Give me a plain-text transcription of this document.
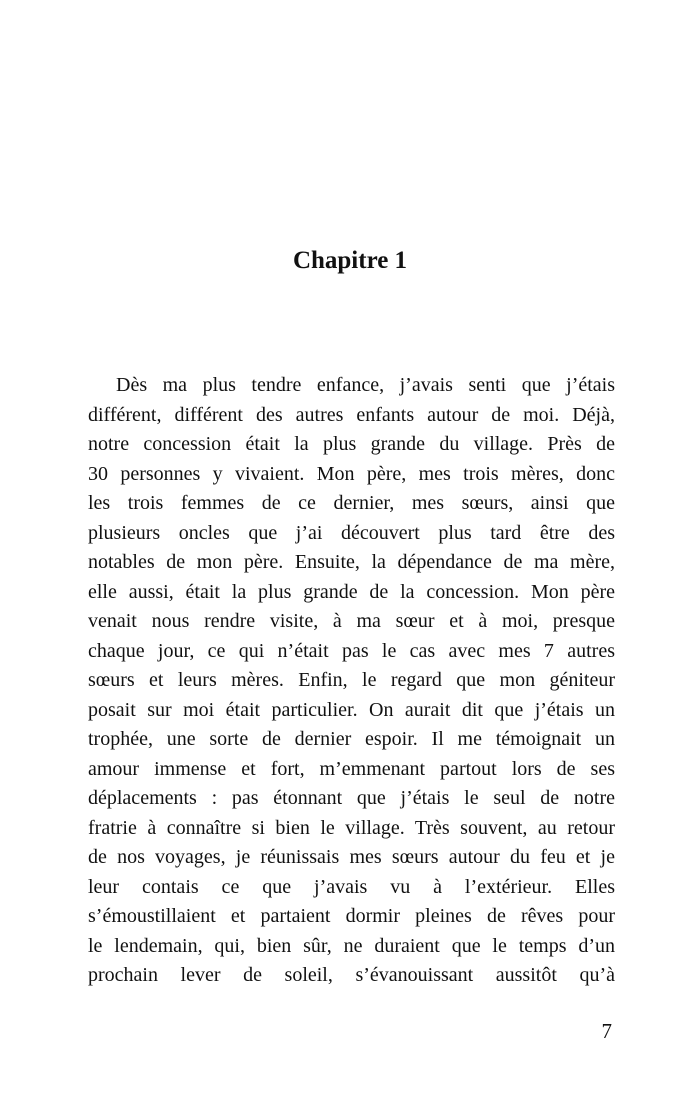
Chapitre 1
Dès ma plus tendre enfance, j’avais senti que j’étais
différent, différent des autres enfants autour de moi. Déjà,
notre concession était la plus grande du village. Près de
30 personnes y vivaient. Mon père, mes trois mères, donc
les trois femmes de ce dernier, mes sœurs, ainsi que
plusieurs oncles que j’ai découvert plus tard être des
notables de mon père. Ensuite, la dépendance de ma mère,
elle aussi, était la plus grande de la concession. Mon père
venait nous rendre visite, à ma sœur et à moi, presque
chaque jour, ce qui n’était pas le cas avec mes 7 autres
sœurs et leurs mères. Enfin, le regard que mon géniteur
posait sur moi était particulier. On aurait dit que j’étais un
trophée, une sorte de dernier espoir. Il me témoignait un
amour immense et fort, m’emmenant partout lors de ses
déplacements : pas étonnant que j’étais le seul de notre
fratrie à connaître si bien le village. Très souvent, au retour
de nos voyages, je réunissais mes sœurs autour du feu et je
leur contais ce que j’avais vu à l’extérieur. Elles
s’émoustillaient et partaient dormir pleines de rêves pour
le lendemain, qui, bien sûr, ne duraient que le temps d’un
prochain lever de soleil, s’évanouissant aussitôt qu’à
7
